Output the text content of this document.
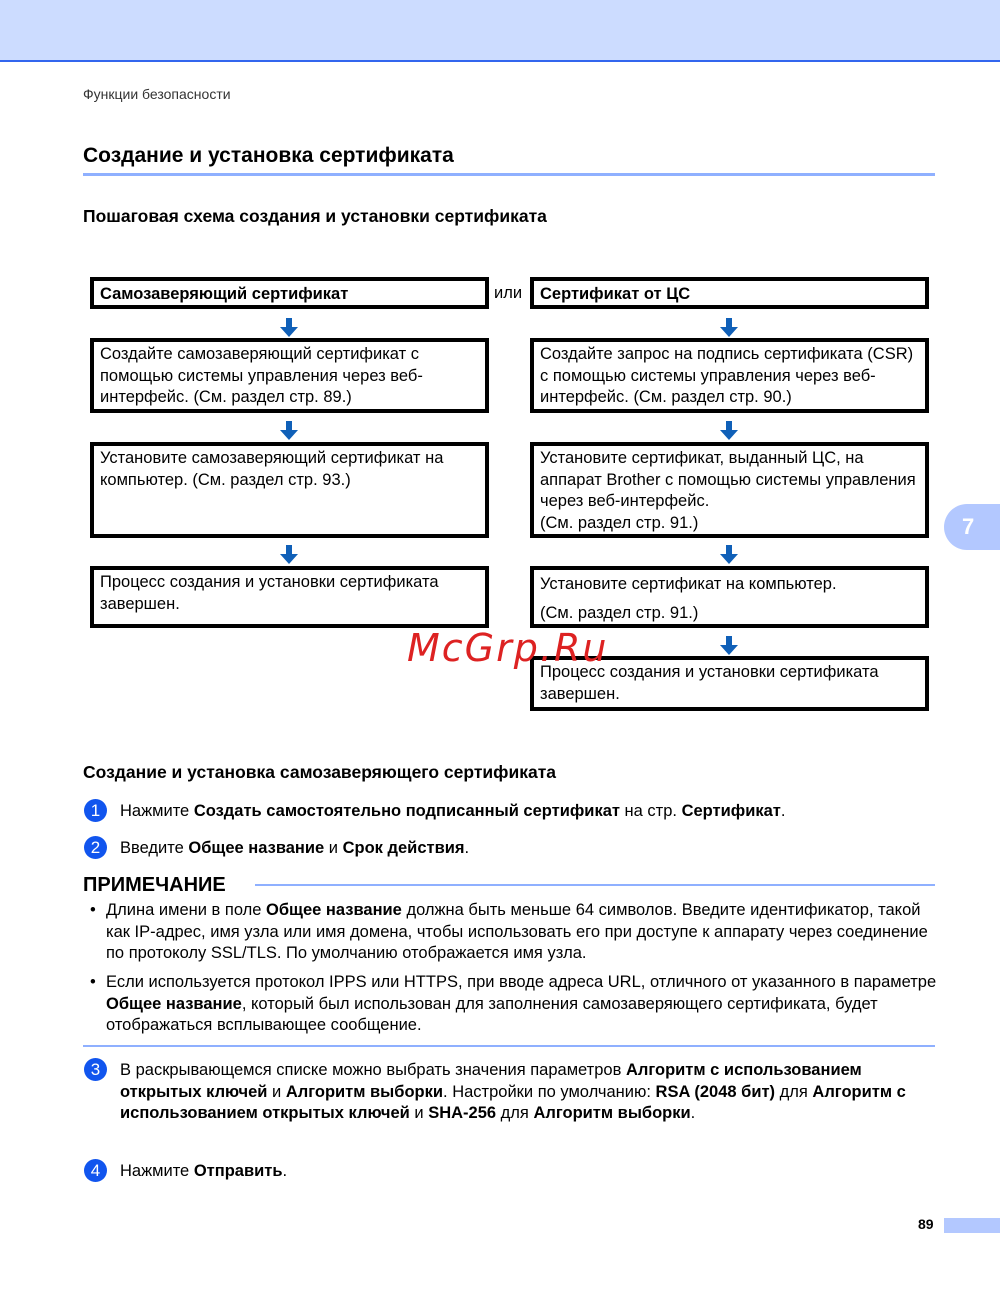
Функции безопасности
Создание и установка сертификата
Пошаговая схема создания и установки сертификата
Самозаверяющий сертификат	или	Сертификат от ЦС
Создайте самозаверяющий сертификат с помощью системы управления через веб-интерфейс. (См. раздел стр. 89.)
Создайте запрос на подпись сертификата (CSR) с помощью системы управления через веб-интерфейс. (См. раздел стр. 90.)
Установите самозаверяющий сертификат на компьютер. (См. раздел стр. 93.)
Установите сертификат, выданный ЦС, на аппарат Brother с помощью системы управления через веб-интерфейс.
(См. раздел стр. 91.)
Процесс создания и установки сертификата завершен.
Установите сертификат на компьютер.
(См. раздел стр. 91.)
Процесс создания и установки сертификата завершен.
McGrp.Ru
7
Создание и установка самозаверяющего сертификата
1	Нажмите Создать самостоятельно подписанный сертификат на стр. Сертификат.
2	Введите Общее название и Срок действия.
ПРИМЕЧАНИЕ
• Длина имени в поле Общее название должна быть меньше 64 символов. Введите идентификатор, такой как IP-адрес, имя узла или имя домена, чтобы использовать его при доступе к аппарату через соединение по протоколу SSL/TLS. По умолчанию отображается имя узла.
• Если используется протокол IPPS или HTTPS, при вводе адреса URL, отличного от указанного в параметре Общее название, который был использован для заполнения самозаверяющего сертификата, будет отображаться всплывающее сообщение.
3	В раскрывающемся списке можно выбрать значения параметров Алгоритм с использованием открытых ключей и Алгоритм выборки. Настройки по умолчанию: RSA (2048 бит) для Алгоритм с использованием открытых ключей и SHA-256 для Алгоритм выборки.
4	Нажмите Отправить.
89
